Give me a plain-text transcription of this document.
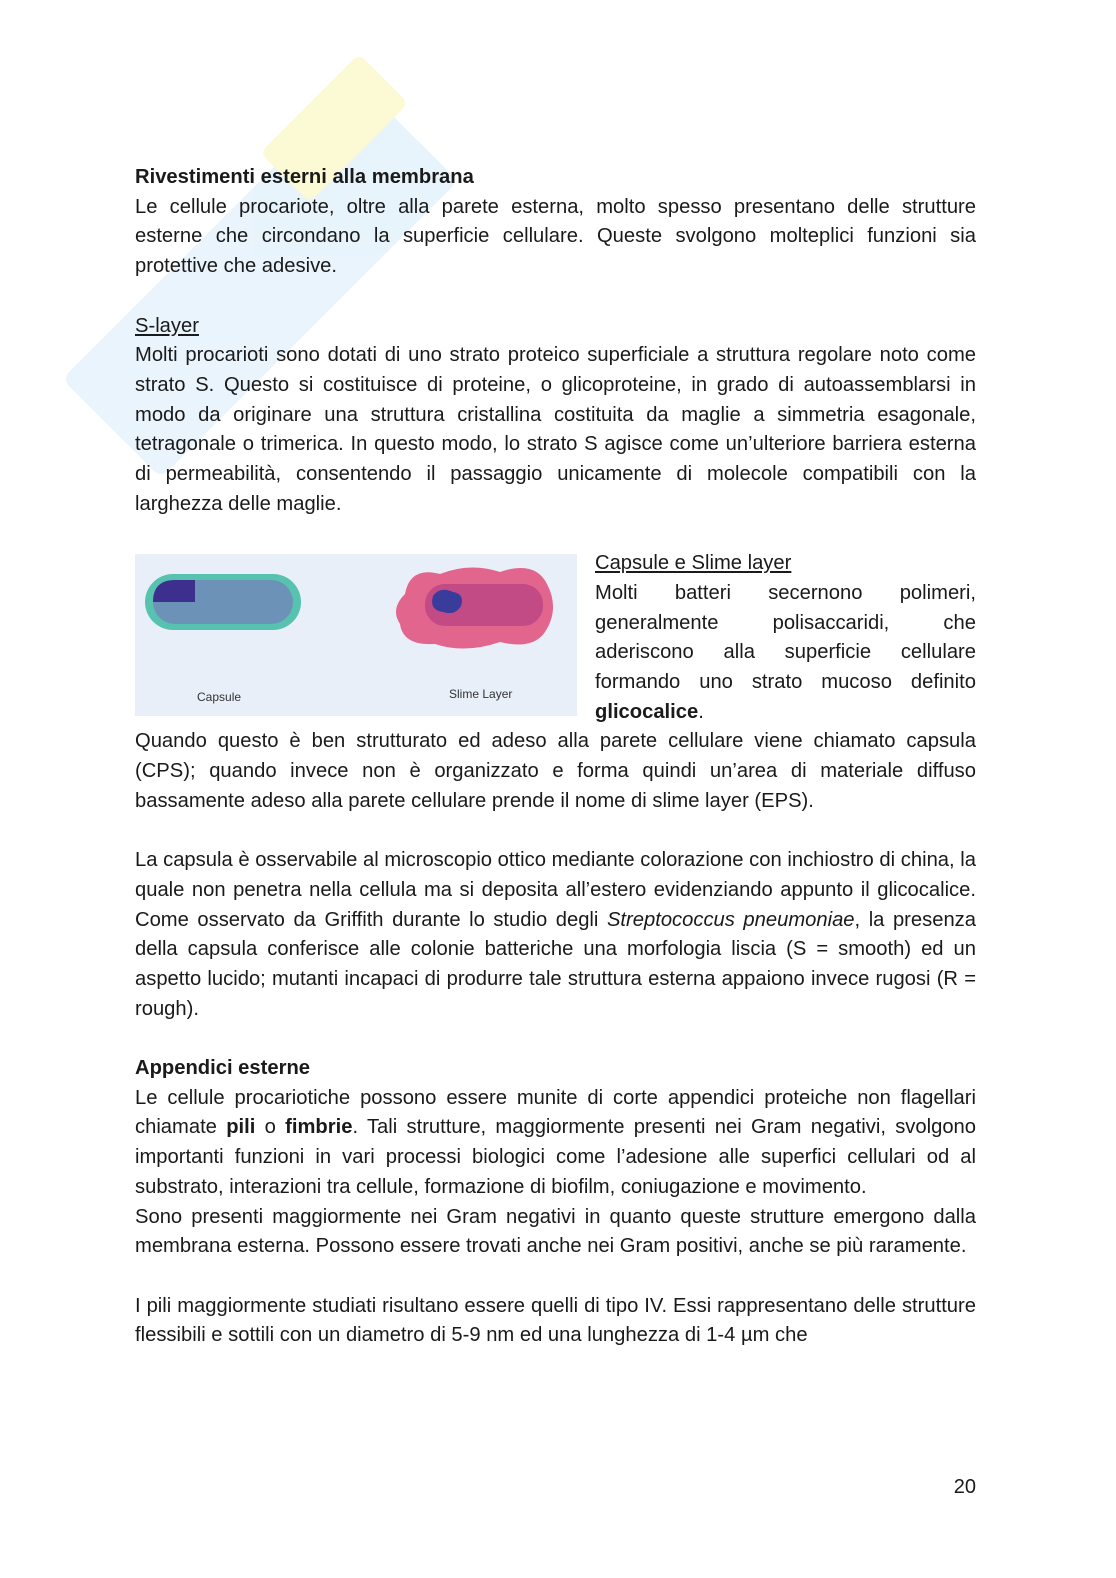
Rivestimenti esterni alla membrana

Le cellule procariote, oltre alla parete esterna, molto spesso presentano delle strutture esterne che circondano la superficie cellulare. Queste svolgono molteplici funzioni sia protettive che adesive.

S-layer

Molti procarioti sono dotati di uno strato proteico superficiale a struttura regolare noto come strato S. Questo si costituisce di proteine, o glicoproteine, in grado di autoassemblarsi in modo da originare una struttura cristallina costituita da maglie a simmetria esagonale, tetragonale o trimerica. In questo modo, lo strato S agisce come un’ulteriore barriera esterna di permeabilità, consentendo il passaggio unicamente di molecole compatibili con la larghezza delle maglie.

Capsule	Slime Layer
Capsule e Slime layer

Molti batteri secernono polimeri, generalmente polisaccaridi, che aderiscono alla superficie cellulare formando uno strato mucoso definito glicocalice.

Quando questo è ben strutturato ed adeso alla parete cellulare viene chiamato capsula (CPS); quando invece non è organizzato e forma quindi un’area di materiale diffuso bassamente adeso alla parete cellulare prende il nome di slime layer (EPS).

La capsula è osservabile al microscopio ottico mediante colorazione con inchiostro di china, la quale non penetra nella cellula ma si deposita all’estero evidenziando appunto il glicocalice. Come osservato da Griffith durante lo studio degli Streptococcus pneumoniae, la presenza della capsula conferisce alle colonie batteriche una morfologia liscia (S = smooth) ed un aspetto lucido; mutanti incapaci di produrre tale struttura esterna appaiono invece rugosi (R = rough).

Appendici esterne

Le cellule procariotiche possono essere munite di corte appendici proteiche non flagellari chiamate pili o fimbrie. Tali strutture, maggiormente presenti nei Gram negativi, svolgono importanti funzioni in vari processi biologici come l’adesione alle superfici cellulari od al substrato, interazioni tra cellule, formazione di biofilm, coniugazione e movimento.

Sono presenti maggiormente nei Gram negativi in quanto queste strutture emergono dalla membrana esterna. Possono essere trovati anche nei Gram positivi, anche se più raramente.

I pili maggiormente studiati risultano essere quelli di tipo IV. Essi rappresentano delle strutture flessibili e sottili con un diametro di 5-9 nm ed una lunghezza di 1-4 µm che

20
